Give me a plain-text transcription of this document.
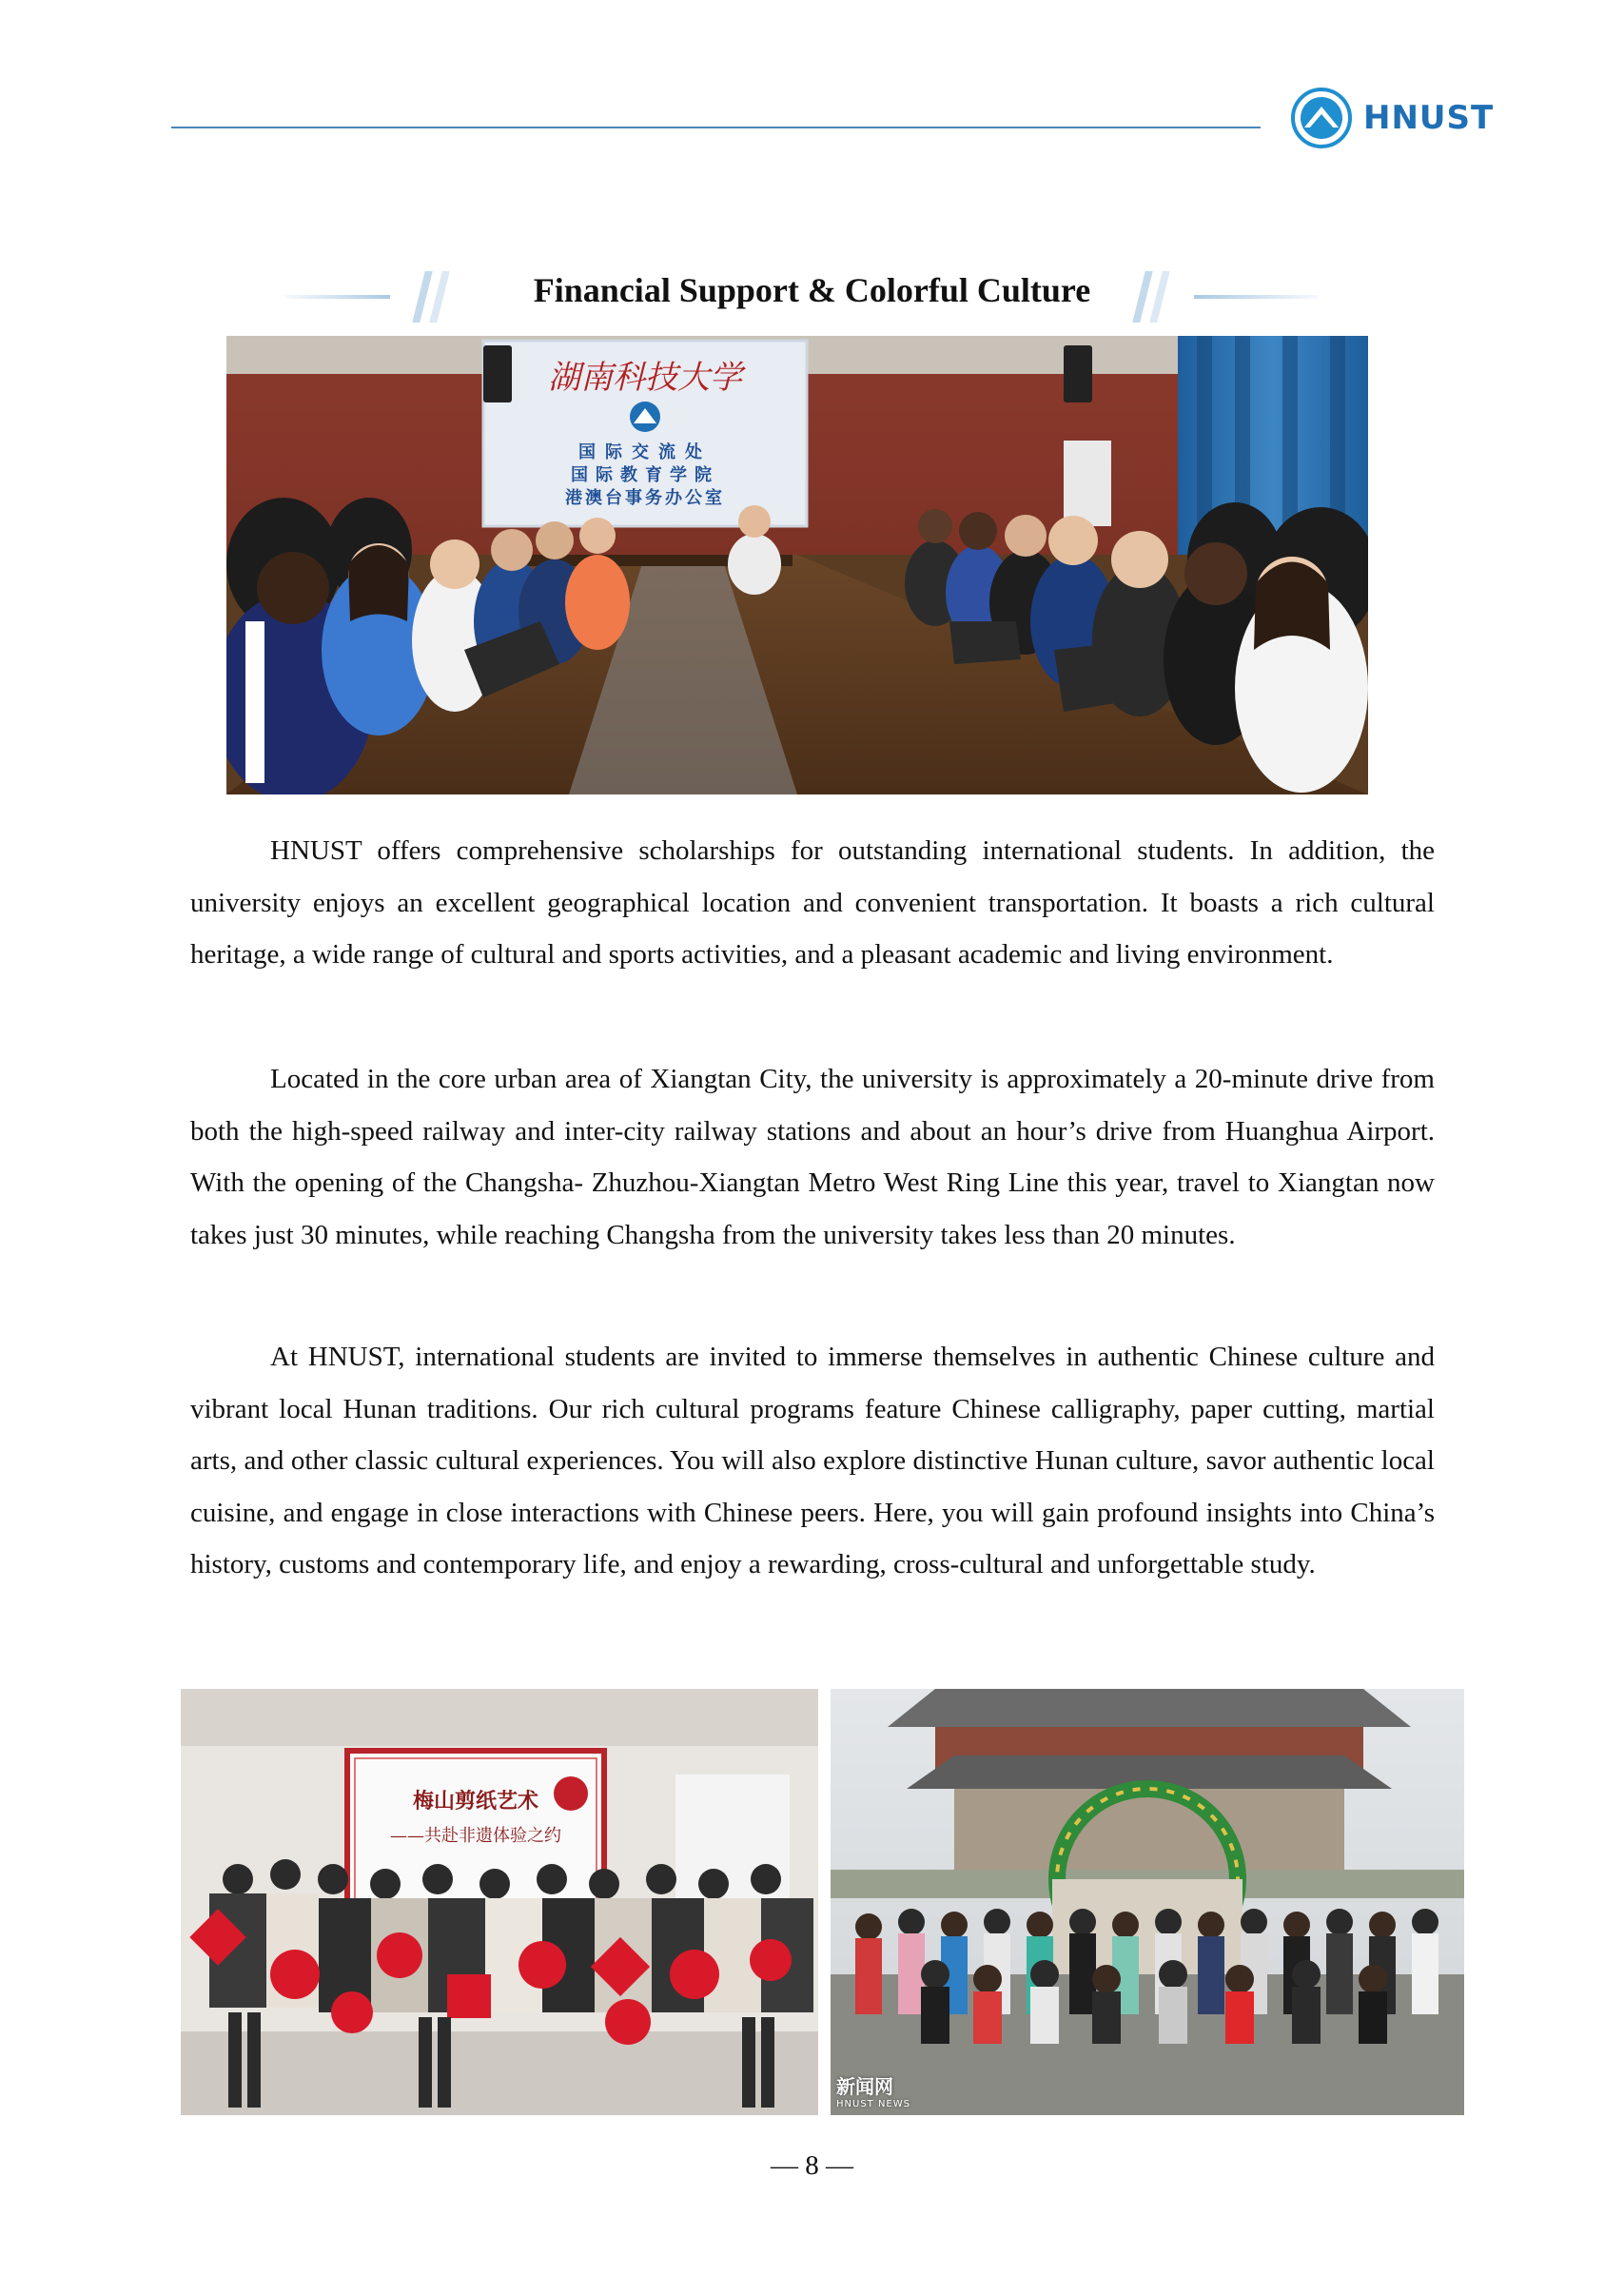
HNUST
Financial Support & Colorful Culture
湖南科技大学
国际交流处
国际教育学院
港澳台事务办公室
HNUST offers comprehensive scholarships for outstanding international students. In addition, the university enjoys an excellent geographical location and convenient transportation. It boasts a rich cultural heritage, a wide range of cultural and sports activities, and a pleasant academic and living environment.
Located in the core urban area of Xiangtan City, the university is approximately a 20-minute drive from both the high-speed railway and inter-city railway stations and about an hour’s drive from Huanghua Airport. With the opening of the Changsha- Zhuzhou-Xiangtan Metro West Ring Line this year, travel to Xiangtan now takes just 30 minutes, while reaching Changsha from the university takes less than 20 minutes.
At HNUST, international students are invited to immerse themselves in authentic Chinese culture and vibrant local Hunan traditions. Our rich cultural programs feature Chinese calligraphy, paper cutting, martial arts, and other classic cultural experiences. You will also explore distinctive Hunan culture, savor authentic local cuisine, and engage in close interactions with Chinese peers. Here, you will gain profound insights into China’s history, customs and contemporary life, and enjoy a rewarding, cross-cultural and unforgettable study.
梅山剪纸艺术
——共赴非遗体验之约
新闻网
HNUST NEWS
— 8 —
